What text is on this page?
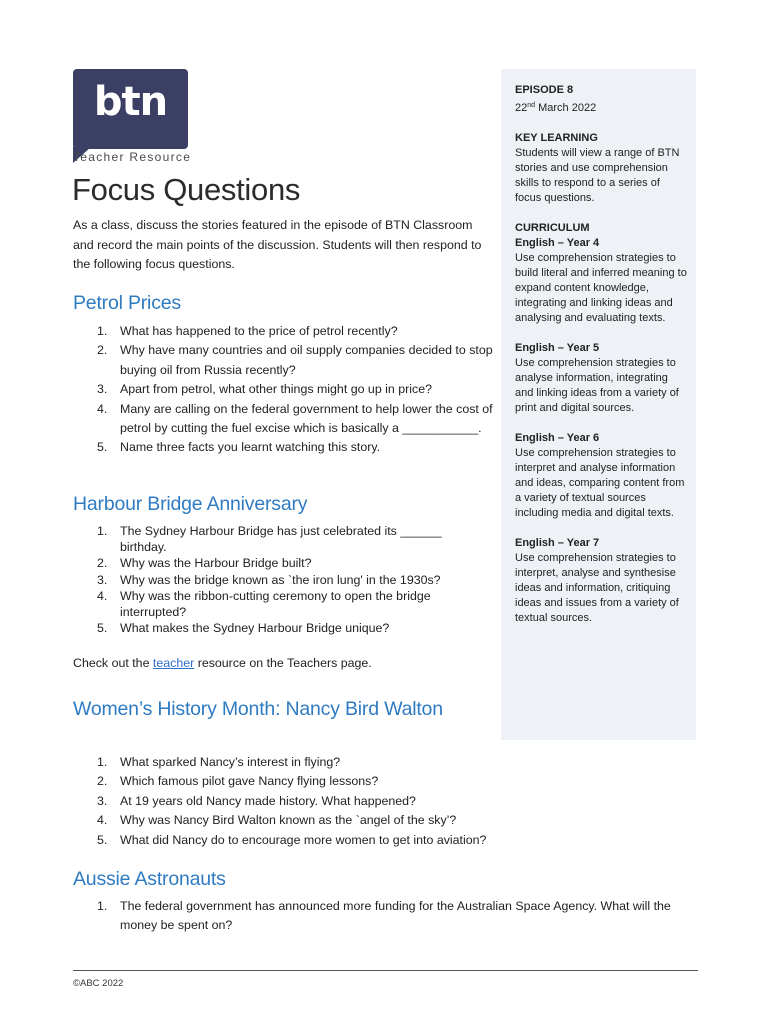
btn
Teacher Resource
Focus Questions
As a class, discuss the stories featured in the episode of BTN Classroom and record the main points of the discussion. Students will then respond to the following focus questions.
Petrol Prices
1. What has happened to the price of petrol recently?
2. Why have many countries and oil supply companies decided to stop buying oil from Russia recently?
3. Apart from petrol, what other things might go up in price?
4. Many are calling on the federal government to help lower the cost of petrol by cutting the fuel excise which is basically a ___________.
5. Name three facts you learnt watching this story.
Harbour Bridge Anniversary
1. The Sydney Harbour Bridge has just celebrated its ______ birthday.
2. Why was the Harbour Bridge built?
3. Why was the bridge known as `the iron lung' in the 1930s?
4. Why was the ribbon-cutting ceremony to open the bridge interrupted?
5. What makes the Sydney Harbour Bridge unique?
Check out the teacher resource on the Teachers page.
Women’s History Month: Nancy Bird Walton
1. What sparked Nancy’s interest in flying?
2. Which famous pilot gave Nancy flying lessons?
3. At 19 years old Nancy made history. What happened?
4. Why was Nancy Bird Walton known as the `angel of the sky’?
5. What did Nancy do to encourage more women to get into aviation?
Aussie Astronauts
1. The federal government has announced more funding for the Australian Space Agency. What will the money be spent on?
EPISODE 8
22nd March 2022
KEY LEARNING
Students will view a range of BTN stories and use comprehension skills to respond to a series of focus questions.
CURRICULUM
English – Year 4
Use comprehension strategies to build literal and inferred meaning to expand content knowledge, integrating and linking ideas and analysing and evaluating texts.
English – Year 5
Use comprehension strategies to analyse information, integrating and linking ideas from a variety of print and digital sources.
English – Year 6
Use comprehension strategies to interpret and analyse information and ideas, comparing content from a variety of textual sources including media and digital texts.
English – Year 7
Use comprehension strategies to interpret, analyse and synthesise ideas and information, critiquing ideas and issues from a variety of textual sources.
©ABC 2022
